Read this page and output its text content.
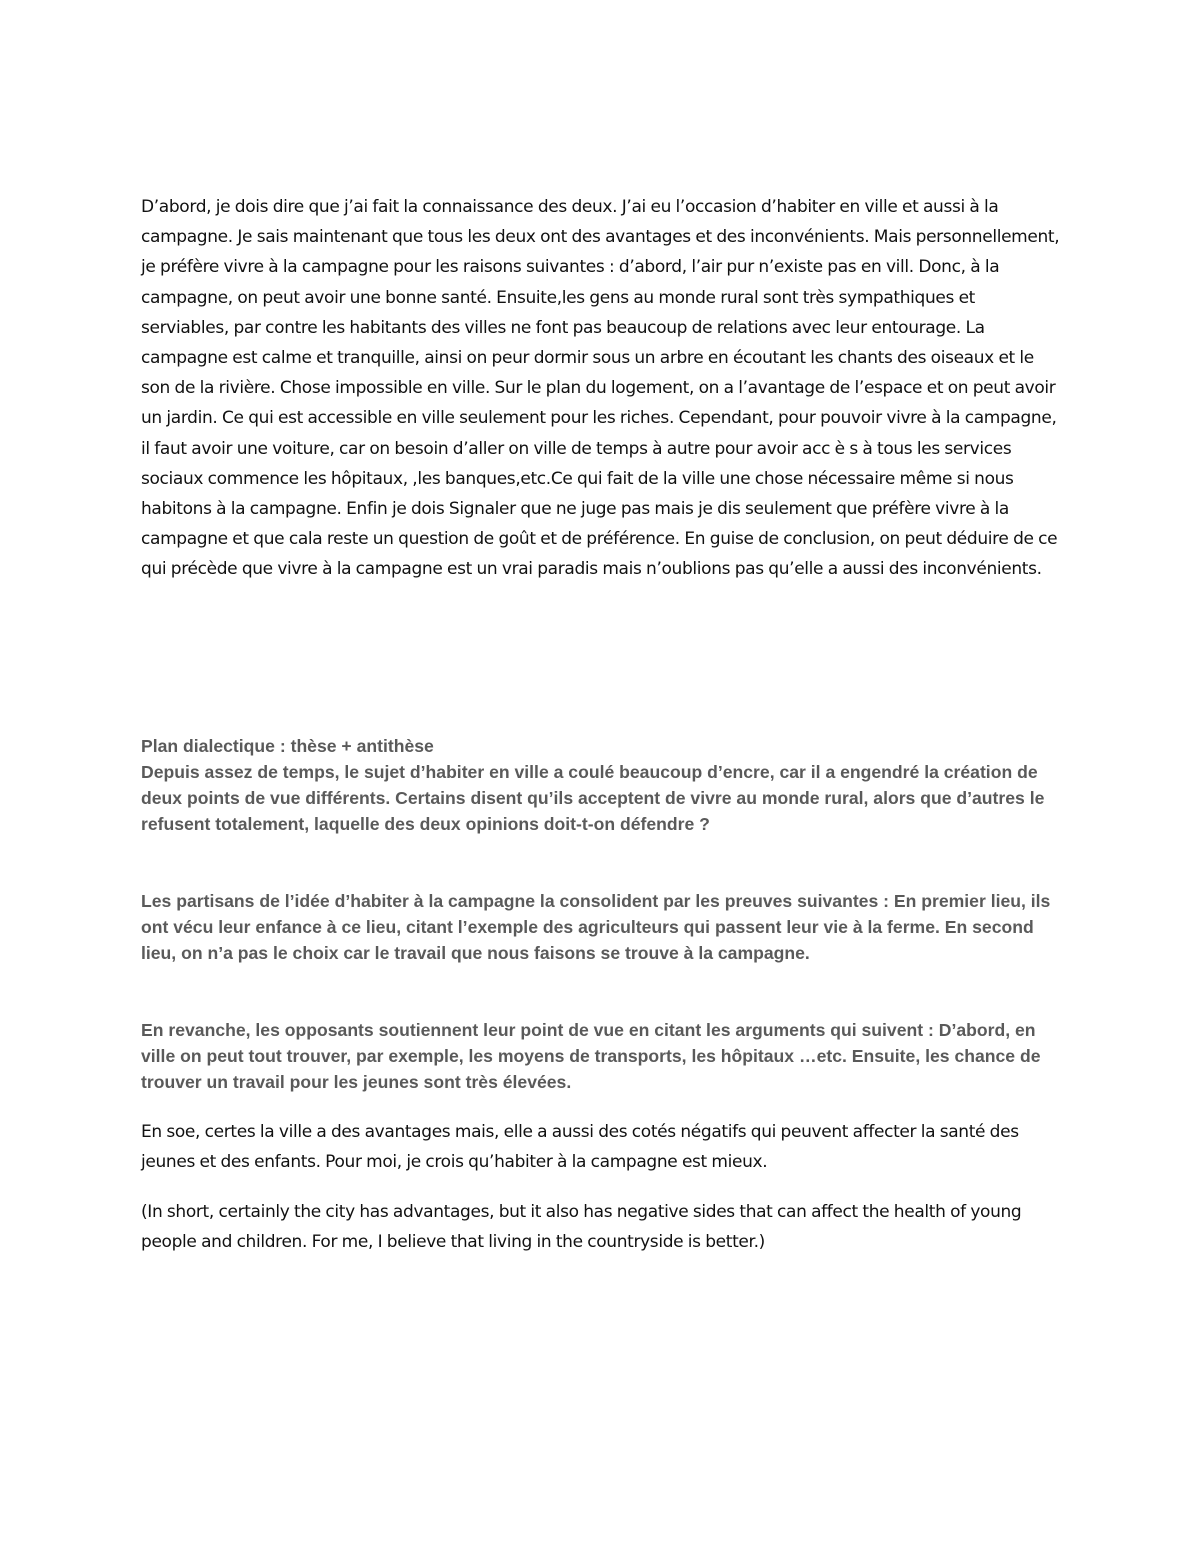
D’abord, je dois dire que j’ai fait la connaissance des deux. J’ai eu l’occasion d’habiter en ville et aussi à la campagne. Je sais maintenant que tous les deux ont des avantages et des inconvénients. Mais personnellement, je préfère vivre à la campagne pour les raisons suivantes : d’abord, l’air pur n’existe pas en vill. Donc, à la campagne, on peut avoir une bonne santé. Ensuite,les gens au monde rural sont très sympathiques et serviables, par contre les habitants des villes ne font pas beaucoup de relations avec leur entourage. La campagne est calme et tranquille, ainsi on peur dormir sous un arbre en écoutant les chants des oiseaux et le son de la rivière. Chose impossible en ville. Sur le plan du logement, on a l’avantage de l’espace et on peut avoir un jardin. Ce qui est accessible en ville seulement pour les riches. Cependant, pour pouvoir vivre à la campagne, il faut avoir une voiture, car on besoin d’aller on ville de temps à autre pour avoir acc è s à tous les services sociaux commence les hôpitaux, ,les banques,etc.Ce qui fait de la ville une chose nécessaire même si nous habitons à la campagne. Enfin je dois Signaler que ne juge pas mais je dis seulement que préfère vivre à la campagne et que cala reste un question de goût et de préférence. En guise de conclusion, on peut déduire de ce qui précède que vivre à la campagne est un vrai paradis mais n’oublions pas qu’elle a aussi des inconvénients.

Plan dialectique : thèse + antithèse

Depuis assez de temps, le sujet d’habiter en ville a coulé beaucoup d’encre, car il a engendré la création de deux points de vue différents. Certains disent qu’ils acceptent de vivre au monde rural, alors que d’autres le refusent totalement, laquelle des deux opinions doit-t-on défendre ?

Les partisans de l’idée d’habiter à la campagne la consolident par les preuves suivantes : En premier lieu, ils ont vécu leur enfance à ce lieu, citant l’exemple des agriculteurs qui passent leur vie à la ferme. En second lieu, on n’a pas le choix car le travail que nous faisons se trouve à la campagne.

En revanche, les opposants soutiennent leur point de vue en citant les arguments qui suivent : D’abord, en ville on peut tout trouver, par exemple, les moyens de transports, les hôpitaux …etc. Ensuite, les chance de trouver un travail pour les jeunes sont très élevées.

En soe, certes la ville a des avantages mais, elle a aussi des cotés négatifs qui peuvent affecter la santé des jeunes et des enfants. Pour moi, je crois qu’habiter à la campagne est mieux.

(In short, certainly the city has advantages, but it also has negative sides that can affect the health of young people and children. For me, I believe that living in the countryside is better.)
